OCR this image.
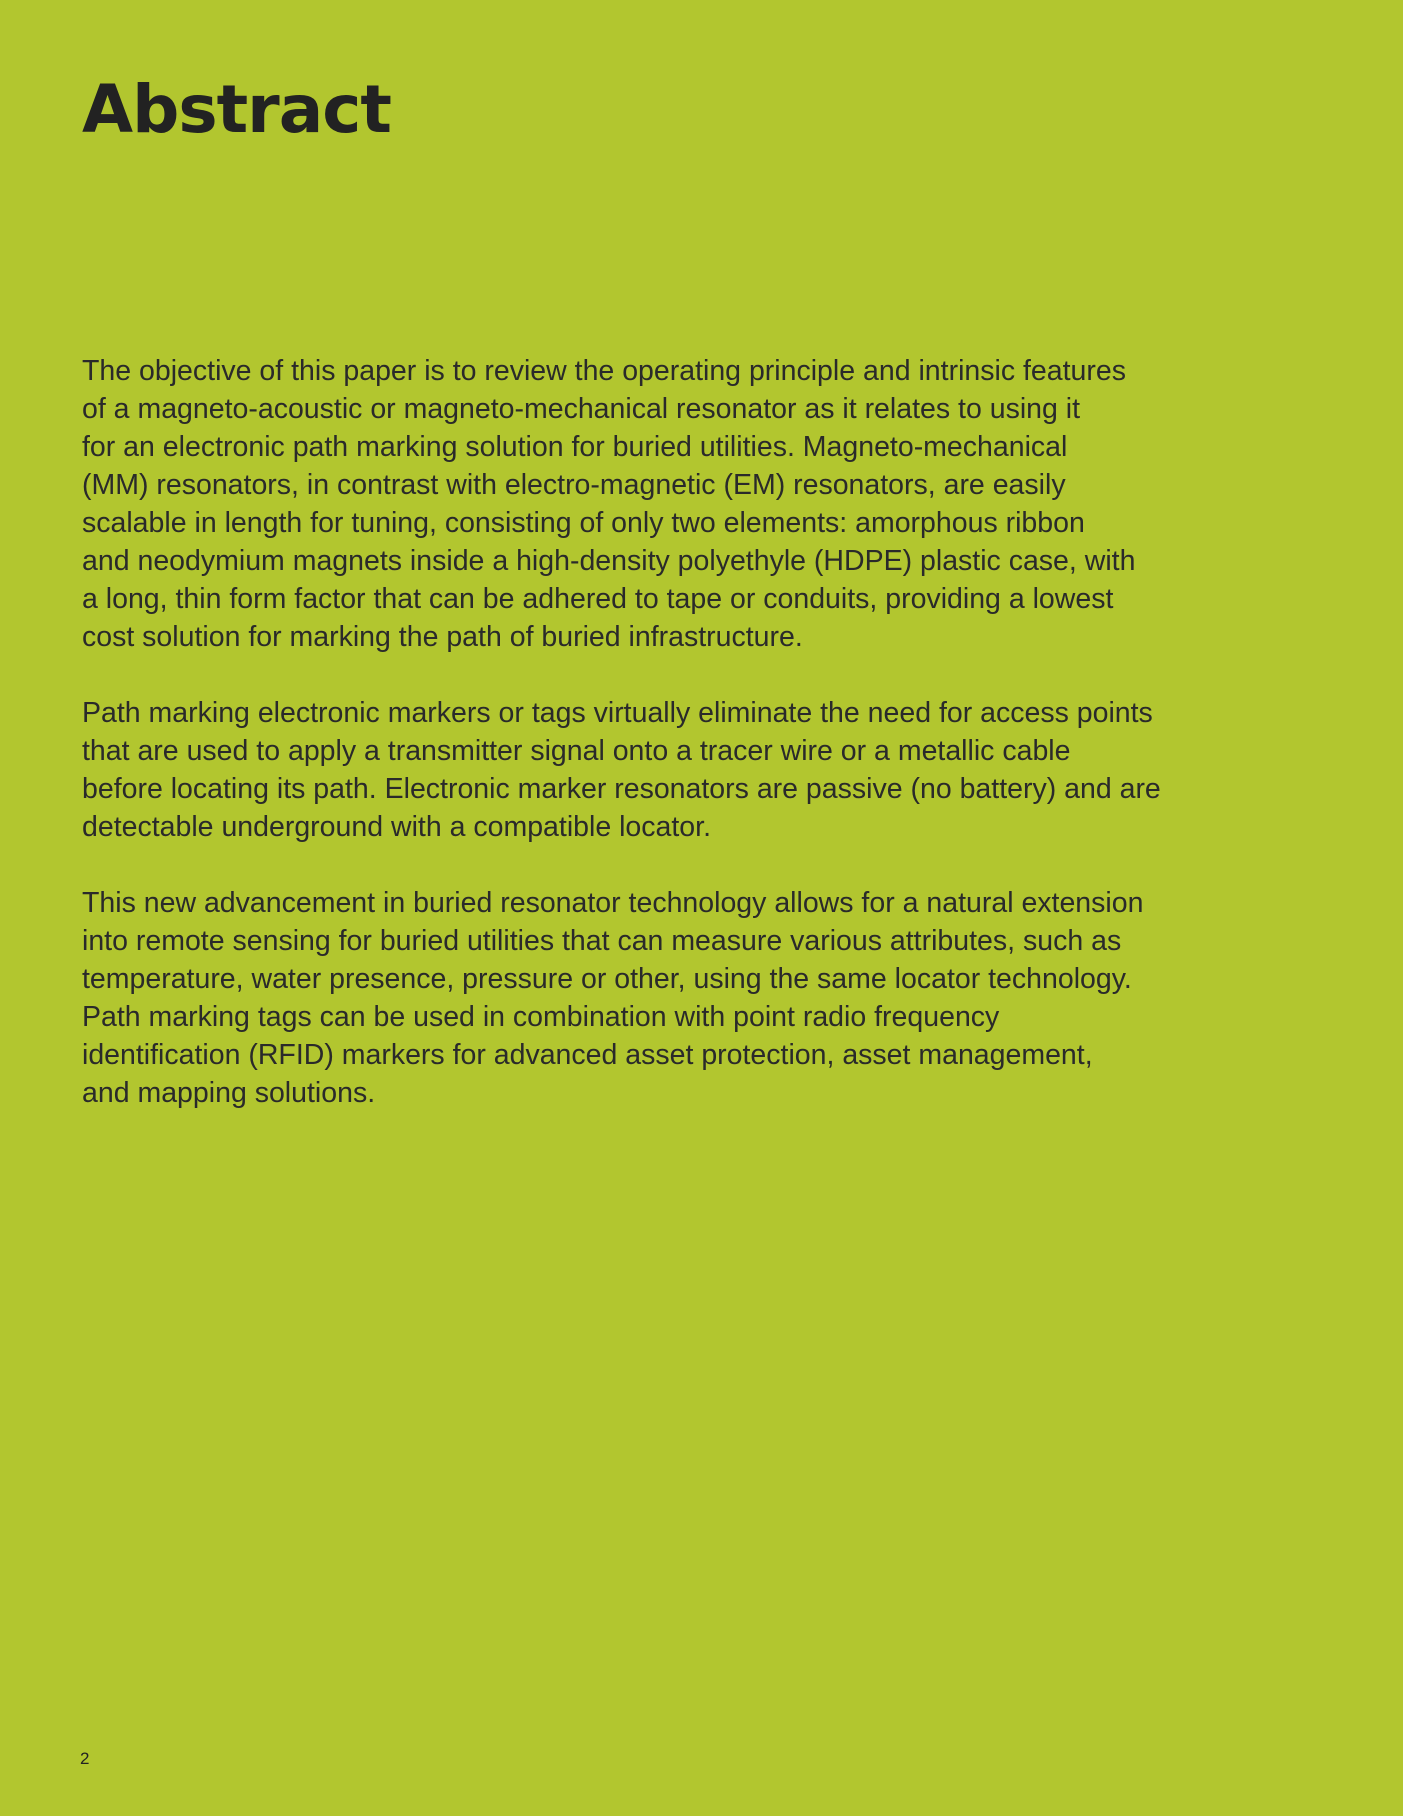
Abstract

The objective of this paper is to review the operating principle and intrinsic features
of a magneto-acoustic or magneto-mechanical resonator as it relates to using it
for an electronic path marking solution for buried utilities. Magneto-mechanical
(MM) resonators, in contrast with electro-magnetic (EM) resonators, are easily
scalable in length for tuning, consisting of only two elements: amorphous ribbon
and neodymium magnets inside a high-density polyethyle (HDPE) plastic case, with
a long, thin form factor that can be adhered to tape or conduits, providing a lowest
cost solution for marking the path of buried infrastructure.

Path marking electronic markers or tags virtually eliminate the need for access points
that are used to apply a transmitter signal onto a tracer wire or a metallic cable
before locating its path. Electronic marker resonators are passive (no battery) and are
detectable underground with a compatible locator.

This new advancement in buried resonator technology allows for a natural extension
into remote sensing for buried utilities that can measure various attributes, such as
temperature, water presence, pressure or other, using the same locator technology.
Path marking tags can be used in combination with point radio frequency
identification (RFID) markers for advanced asset protection, asset management,
and mapping solutions.

2
